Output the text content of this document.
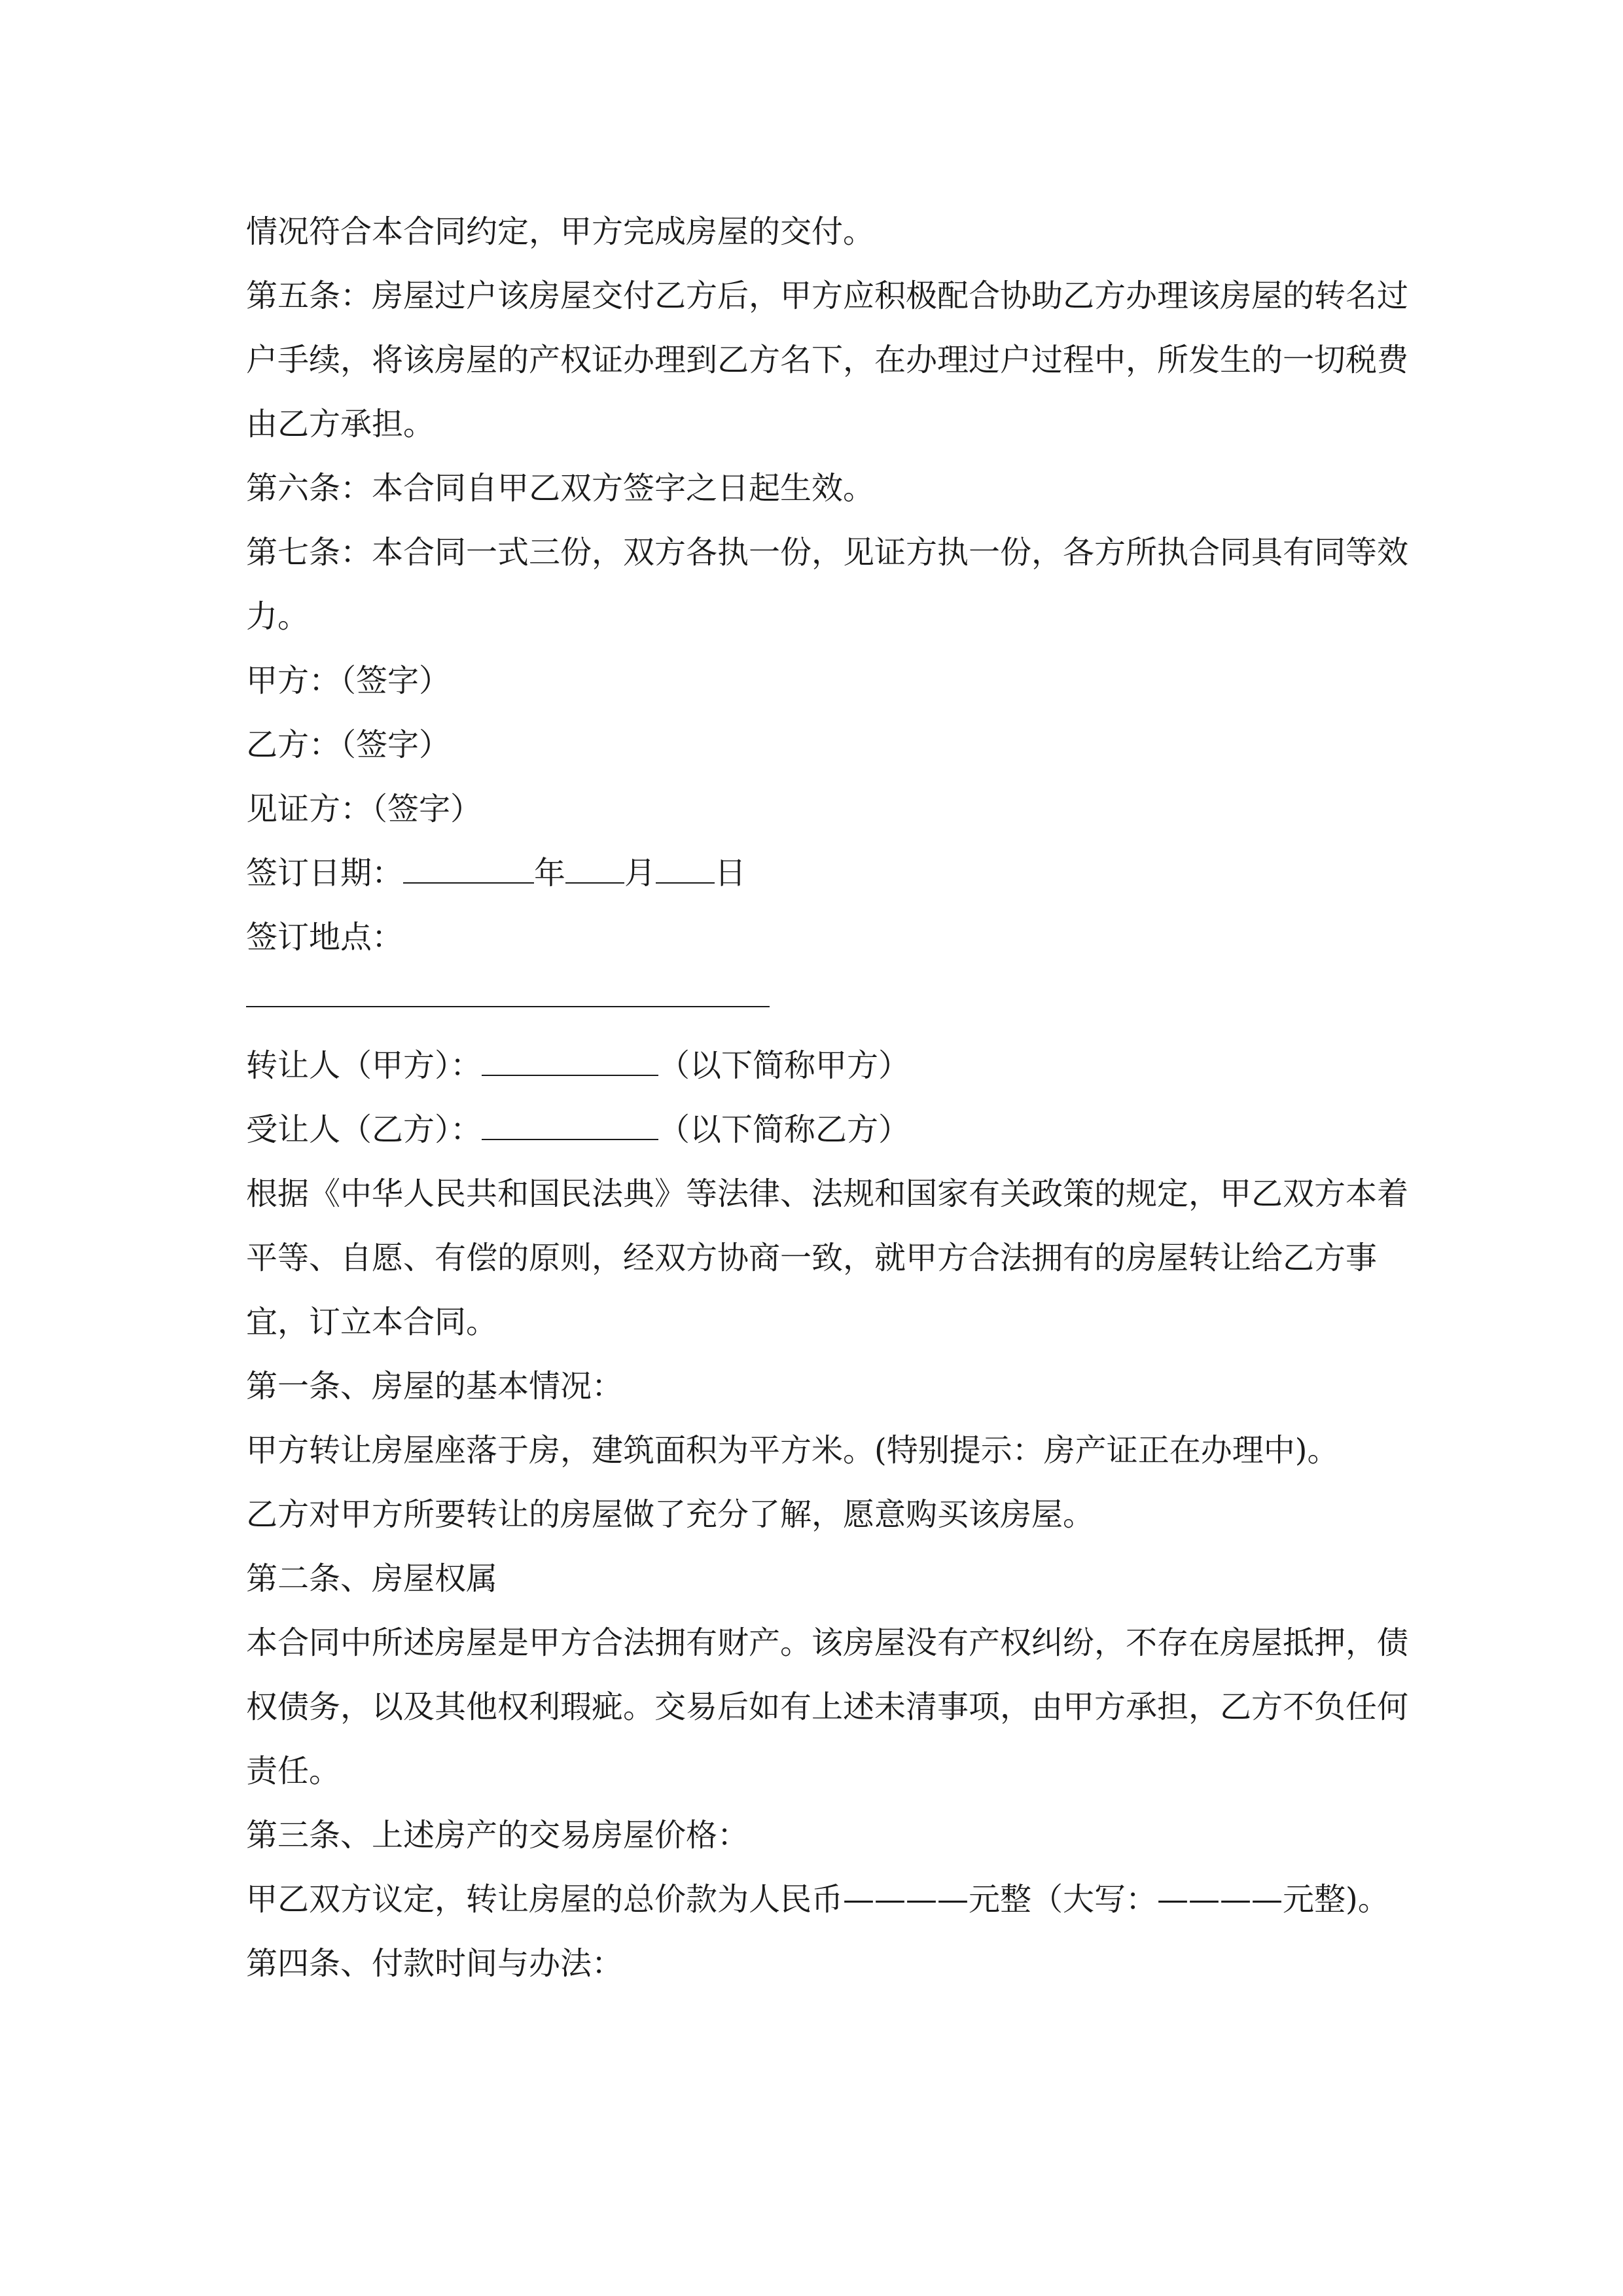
情况符合本合同约定，甲方完成房屋的交付。

第五条：房屋过户该房屋交付乙方后，甲方应积极配合协助乙方办理该房屋的转名过户手续，将该房屋的产权证办理到乙方名下，在办理过户过程中，所发生的一切税费由乙方承担。

第六条：本合同自甲乙双方签字之日起生效。

第七条：本合同一式三份，双方各执一份，见证方执一份，各方所执合同具有同等效力。

甲方：（签字）

乙方：（签字）

见证方：（签字）

签订日期：	年 月 日

签订地点：

转让人（甲方）：	（以下简称甲方）

受让人（乙方）：	（以下简称乙方）

根据《中华人民共和国民法典》等法律、法规和国家有关政策的规定，甲乙双方本着平等、自愿、有偿的原则，经双方协商一致，就甲方合法拥有的房屋转让给乙方事宜，订立本合同。

第一条、房屋的基本情况：

甲方转让房屋座落于房，建筑面积为平方米。(特别提示：房产证正在办理中)。

乙方对甲方所要转让的房屋做了充分了解，愿意购买该房屋。

第二条、房屋权属

本合同中所述房屋是甲方合法拥有财产。该房屋没有产权纠纷，不存在房屋抵押，债权债务，以及其他权利瑕疵。交易后如有上述未清事项，由甲方承担，乙方不负任何责任。

第三条、上述房产的交易房屋价格：

甲乙双方议定，转让房屋的总价款为人民币————元整（大写：————元整)。

第四条、付款时间与办法：
